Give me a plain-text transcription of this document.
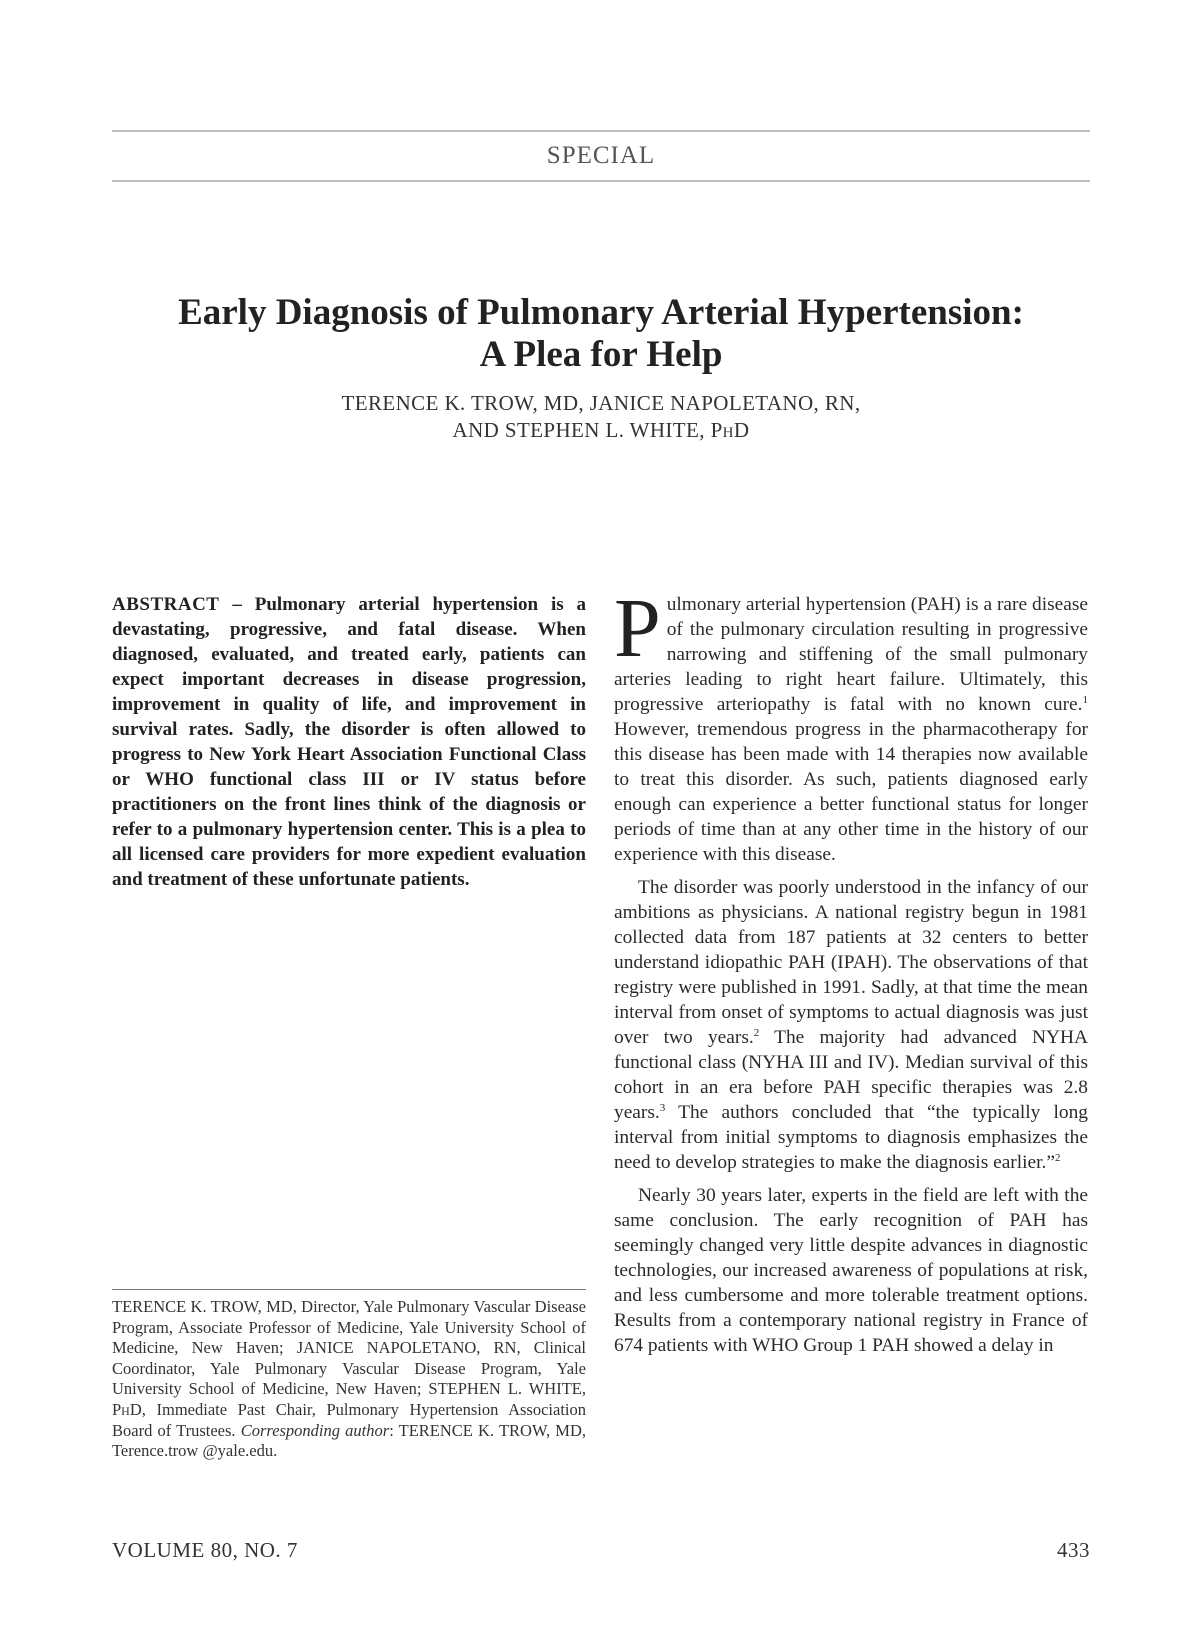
SPECIAL
Early Diagnosis of Pulmonary Arterial Hypertension:
A Plea for Help
TERENCE K. TROW, MD, JANICE NAPOLETANO, RN,
AND STEPHEN L. WHITE, PhD
ABSTRACT – Pulmonary arterial hypertension is a devastating, progressive, and fatal disease. When diagnosed, evaluated, and treated early, patients can expect important decreases in disease progression, improvement in quality of life, and improvement in survival rates. Sadly, the disorder is often allowed to progress to New York Heart Association Functional Class or WHO functional class III or IV status before practitioners on the front lines think of the diagnosis or refer to a pulmonary hypertension center. This is a plea to all licensed care providers for more expedient evaluation and treatment of these unfortunate patients.
TERENCE K. TROW, MD, Director, Yale Pulmonary Vascular Disease Program, Associate Professor of Medicine, Yale University School of Medicine, New Haven; JANICE NAPOLETANO, RN, Clinical Coordinator, Yale Pulmonary Vascular Disease Program, Yale University School of Medicine, New Haven; STEPHEN L. WHITE, PhD, Immediate Past Chair, Pulmonary Hypertension Association Board of Trustees. Corresponding author: TERENCE K. TROW, MD, Terence.trow @yale.edu.

Pulmonary arterial hypertension (PAH) is a rare disease of the pulmonary circulation resulting in progressive narrowing and stiffening of the small pulmonary arteries leading to right heart failure. Ultimately, this progressive arteriopathy is fatal with no known cure.$^1$ However, tremendous progress in the pharmacotherapy for this disease has been made with 14 therapies now available to treat this disorder. As such, patients diagnosed early enough can experience a better functional status for longer periods of time than at any other time in the history of our experience with this disease.

The disorder was poorly understood in the infancy of our ambitions as physicians. A national registry begun in 1981 collected data from 187 patients at 32 centers to better understand idiopathic PAH (IPAH). The observations of that registry were published in 1991. Sadly, at that time the mean interval from onset of symptoms to actual diagnosis was just over two years.$^2$ The majority had advanced NYHA functional class (NYHA III and IV). Median survival of this cohort in an era before PAH specific therapies was 2.8 years.$^3$ The authors concluded that “the typically long interval from initial symptoms to diagnosis emphasizes the need to develop strategies to make the diagnosis earlier.”$^2$

Nearly 30 years later, experts in the field are left with the same conclusion. The early recognition of PAH has seemingly changed very little despite advances in diagnostic technologies, our increased awareness of populations at risk, and less cumbersome and more tolerable treatment options. Results from a contemporary national registry in France of 674 patients with WHO Group 1 PAH showed a delay in

VOLUME 80, NO. 7	433
